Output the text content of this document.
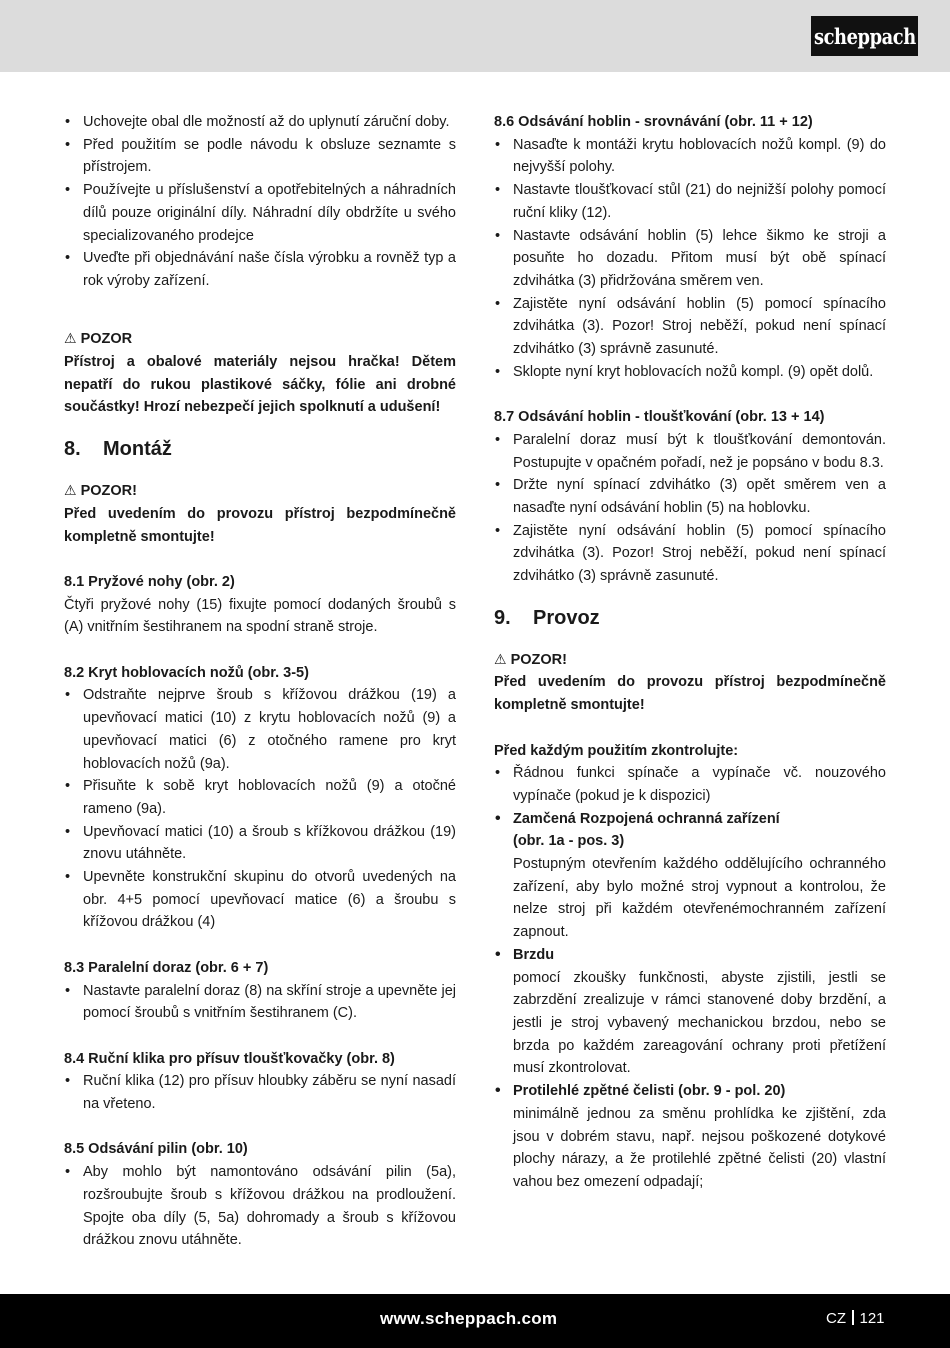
scheppach
• Uchovejte obal dle možností až do uplynutí záruční doby.
• Před použitím se podle návodu k obsluze seznamte s přístrojem.
• Používejte u příslušenství a opotřebitelných a náhradních dílů pouze originální díly. Náhradní díly obdržíte u svého specializovaného prodejce
• Uveďte při objednávání naše čísla výrobku a rovněž typ a rok výroby zařízení.
⚠ POZOR
Přístroj a obalové materiály nejsou hračka! Dětem nepatří do rukou plastikové sáčky, fólie ani drobné součástky! Hrozí nebezpečí jejich spolknutí a udušení!
8. Montáž
⚠ POZOR!
Před uvedením do provozu přístroj bezpodmínečně kompletně smontujte!
8.1 Pryžové nohy (obr. 2)
Čtyři pryžové nohy (15) fixujte pomocí dodaných šroubů s (A) vnitřním šestihranem na spodní straně stroje.
8.2 Kryt hoblovacích nožů (obr. 3-5)
• Odstraňte nejprve šroub s křížovou drážkou (19) a upevňovací matici (10) z krytu hoblovacích nožů (9) a upevňovací matici (6) z otočného ramene pro kryt hoblovacích nožů (9a).
• Přisuňte k sobě kryt hoblovacích nožů (9) a otočné rameno (9a).
• Upevňovací matici (10) a šroub s křížkovou drážkou (19) znovu utáhněte.
• Upevněte konstrukční skupinu do otvorů uvedených na obr. 4+5 pomocí upevňovací matice (6) a šroubu s křížovou drážkou (4)
8.3 Paralelní doraz (obr. 6 + 7)
• Nastavte paralelní doraz (8) na skříní stroje a upevněte jej pomocí šroubů s vnitřním šestihranem (C).
8.4 Ruční klika pro přísuv tloušťkovačky (obr. 8)
• Ruční klika (12) pro přísuv hloubky záběru se nyní nasadí na vřeteno.
8.5 Odsávání pilin (obr. 10)
• Aby mohlo být namontováno odsávání pilin (5a), rozšroubujte šroub s křížovou drážkou na prodloužení. Spojte oba díly (5, 5a) dohromady a šroub s křížovou drážkou znovu utáhněte.
8.6 Odsávání hoblin - srovnávání (obr. 11 + 12)
• Nasaďte k montáži krytu hoblovacích nožů kompl. (9) do nejvyšší polohy.
• Nastavte tloušťkovací stůl (21) do nejnižší polohy pomocí ruční kliky (12).
• Nastavte odsávání hoblin (5) lehce šikmo ke stroji a posuňte ho dozadu. Přitom musí být obě spínací zdvihátka (3) přidržována směrem ven.
• Zajistěte nyní odsávání hoblin (5) pomocí spínacího zdvihátka (3). Pozor! Stroj neběží, pokud není spínací zdvihátko (3) správně zasunuté.
• Sklopte nyní kryt hoblovacích nožů kompl. (9) opět dolů.
8.7 Odsávání hoblin - tloušťkování (obr. 13 + 14)
• Paralelní doraz musí být k tloušťkování demontován. Postupujte v opačném pořadí, než je popsáno v bodu 8.3.
• Držte nyní spínací zdvihátko (3) opět směrem ven a nasaďte nyní odsávání hoblin (5) na hoblovku.
• Zajistěte nyní odsávání hoblin (5) pomocí spínacího zdvihátka (3). Pozor! Stroj neběží, pokud není spínací zdvihátko (3) správně zasunuté.
9. Provoz
⚠ POZOR!
Před uvedením do provozu přístroj bezpodmínečně kompletně smontujte!
Před každým použitím zkontrolujte:
• Řádnou funkci spínače a vypínače vč. nouzového vypínače (pokud je k dispozici)
• Zamčená Rozpojená ochranná zařízení
(obr. 1a - pos. 3)
Postupným otevřením každého oddělujícího ochranného zařízení, aby bylo možné stroj vypnout a kontrolou, že nelze stroj při každém otevřenémochranném zařízení zapnout.
• Brzdu
pomocí zkoušky funkčnosti, abyste zjistili, jestli se zabrzdění zrealizuje v rámci stanovené doby brzdění, a jestli je stroj vybavený mechanickou brzdou, nebo se brzda po každém zareagování ochrany proti přetížení musí zkontrolovat.
• Protilehlé zpětné čelisti (obr. 9 - pol. 20)
minimálně jednou za směnu prohlídka ke zjištění, zda jsou v dobrém stavu, např. nejsou poškozené dotykové plochy nárazy, a že protilehlé zpětné čelisti (20) vlastní vahou bez omezení odpadají;
www.scheppach.com	CZ 121
